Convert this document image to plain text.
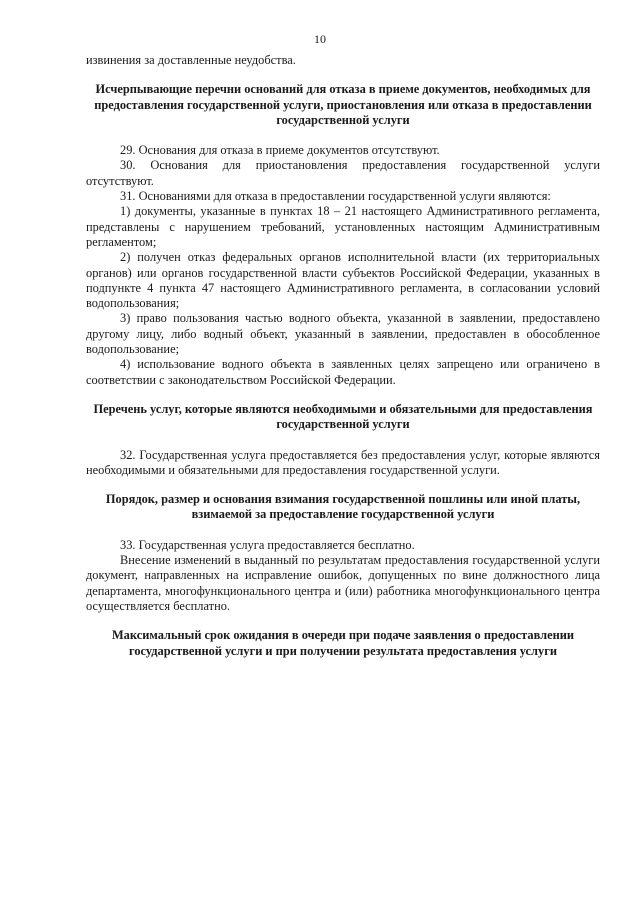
10

извинения за доставленные неудобства.

Исчерпывающие перечни оснований для отказа в приеме документов, необходимых для предоставления государственной услуги, приостановления или отказа в предоставлении государственной услуги

29. Основания для отказа в приеме документов отсутствуют.

30. Основания для приостановления предоставления государственной услуги отсутствуют.

31. Основаниями для отказа в предоставлении государственной услуги являются:

1) документы, указанные в пунктах 18 – 21 настоящего Административного регламента, представлены с нарушением требований, установленных настоящим Административным регламентом;

2) получен отказ федеральных органов исполнительной власти (их территориальных органов) или органов государственной власти субъектов Российской Федерации, указанных в подпункте 4 пункта 47 настоящего Административного регламента, в согласовании условий водопользования;

3) право пользования частью водного объекта, указанной в заявлении, предоставлено другому лицу, либо водный объект, указанный в заявлении, предоставлен в обособленное водопользование;

4) использование водного объекта в заявленных целях запрещено или ограничено в соответствии с законодательством Российской Федерации.

Перечень услуг, которые являются необходимыми и обязательными для предоставления государственной услуги

32. Государственная услуга предоставляется без предоставления услуг, которые являются необходимыми и обязательными для предоставления государственной услуги.

Порядок, размер и основания взимания государственной пошлины или иной платы, взимаемой за предоставление государственной услуги

33. Государственная услуга предоставляется бесплатно.

Внесение изменений в выданный по результатам предоставления государственной услуги документ, направленных на исправление ошибок, допущенных по вине должностного лица департамента, многофункционального центра и (или) работника многофункционального центра осуществляется бесплатно.

Максимальный срок ожидания в очереди при подаче заявления о предоставлении государственной услуги и при получении результата предоставления услуги
